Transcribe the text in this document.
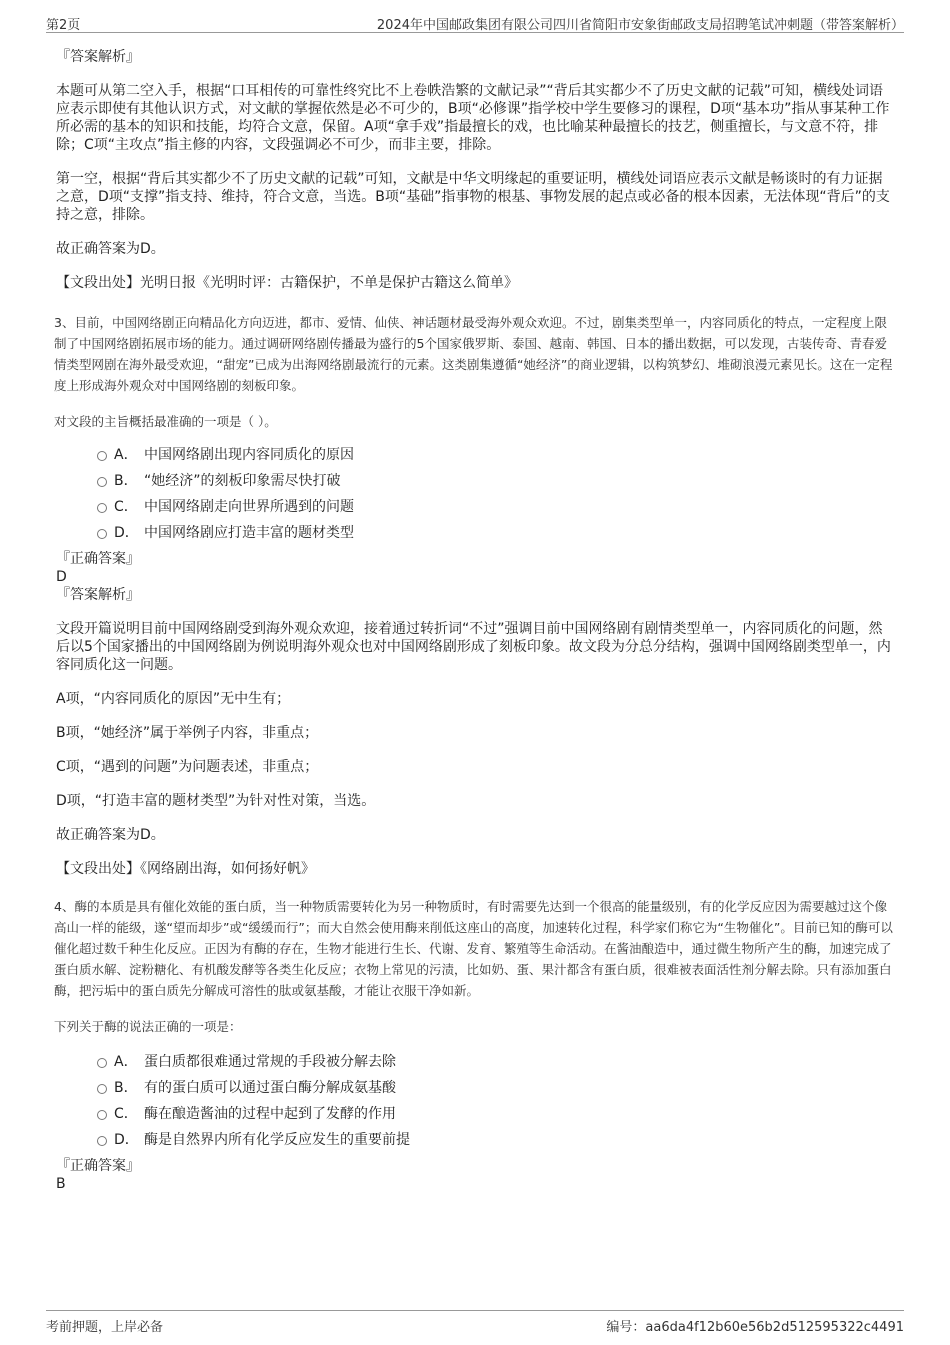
第2页	2024年中国邮政集团有限公司四川省简阳市安象街邮政支局招聘笔试冲刺题（带答案解析）

『答案解析』

本题可从第二空入手，根据“口耳相传的可靠性终究比不上卷帙浩繁的文献记录”“背后其实都少不了历史文献的记载”可知，横线处词语应表示即使有其他认识方式，对文献的掌握依然是必不可少的，B项“必修课”指学校中学生要修习的课程，D项“基本功”指从事某种工作所必需的基本的知识和技能，均符合文意，保留。A项“拿手戏”指最擅长的戏，也比喻某种最擅长的技艺，侧重擅长，与文意不符，排除；C项“主攻点”指主修的内容，文段强调必不可少，而非主要，排除。

第一空，根据“背后其实都少不了历史文献的记载”可知，文献是中华文明缘起的重要证明，横线处词语应表示文献是畅谈时的有力证据之意，D项“支撑”指支持、维持，符合文意，当选。B项“基础”指事物的根基、事物发展的起点或必备的根本因素，无法体现“背后”的支持之意，排除。

故正确答案为D。

【文段出处】光明日报《光明时评：古籍保护，不单是保护古籍这么简单》

3、目前，中国网络剧正向精品化方向迈进，都市、爱情、仙侠、神话题材最受海外观众欢迎。不过，剧集类型单一，内容同质化的特点，一定程度上限制了中国网络剧拓展市场的能力。通过调研网络剧传播最为盛行的5个国家俄罗斯、泰国、越南、韩国、日本的播出数据，可以发现，古装传奇、青春爱情类型网剧在海外最受欢迎，“甜宠”已成为出海网络剧最流行的元素。这类剧集遵循“她经济”的商业逻辑，以构筑梦幻、堆砌浪漫元素见长。这在一定程度上形成海外观众对中国网络剧的刻板印象。

对文段的主旨概括最准确的一项是（ ）。

A． 中国网络剧出现内容同质化的原因
B． “她经济”的刻板印象需尽快打破
C． 中国网络剧走向世界所遇到的问题
D． 中国网络剧应打造丰富的题材类型

『正确答案』

D

『答案解析』

文段开篇说明目前中国网络剧受到海外观众欢迎，接着通过转折词“不过”强调目前中国网络剧有剧情类型单一，内容同质化的问题，然后以5个国家播出的中国网络剧为例说明海外观众也对中国网络剧形成了刻板印象。故文段为分总分结构，强调中国网络剧类型单一，内容同质化这一问题。

A项，“内容同质化的原因”无中生有；

B项，“她经济”属于举例子内容，非重点；

C项，“遇到的问题”为问题表述，非重点；

D项，“打造丰富的题材类型”为针对性对策，当选。

故正确答案为D。

【文段出处】《网络剧出海，如何扬好帆》

4、酶的本质是具有催化效能的蛋白质，当一种物质需要转化为另一种物质时，有时需要先达到一个很高的能量级别，有的化学反应因为需要越过这个像高山一样的能级，遂“望而却步”或“缓缓而行”；而大自然会使用酶来削低这座山的高度，加速转化过程，科学家们称它为“生物催化”。目前已知的酶可以催化超过数千种生化反应。正因为有酶的存在，生物才能进行生长、代谢、发育、繁殖等生命活动。在酱油酿造中，通过微生物所产生的酶，加速完成了蛋白质水解、淀粉糖化、有机酸发酵等各类生化反应；衣物上常见的污渍，比如奶、蛋、果汁都含有蛋白质，很难被表面活性剂分解去除。只有添加蛋白酶，把污垢中的蛋白质先分解成可溶性的肽或氨基酸，才能让衣服干净如新。

下列关于酶的说法正确的一项是：

A． 蛋白质都很难通过常规的手段被分解去除
B． 有的蛋白质可以通过蛋白酶分解成氨基酸
C． 酶在酿造酱油的过程中起到了发酵的作用
D． 酶是自然界内所有化学反应发生的重要前提

『正确答案』

B

考前押题，上岸必备	编号：aa6da4f12b60e56b2d512595322c4491
